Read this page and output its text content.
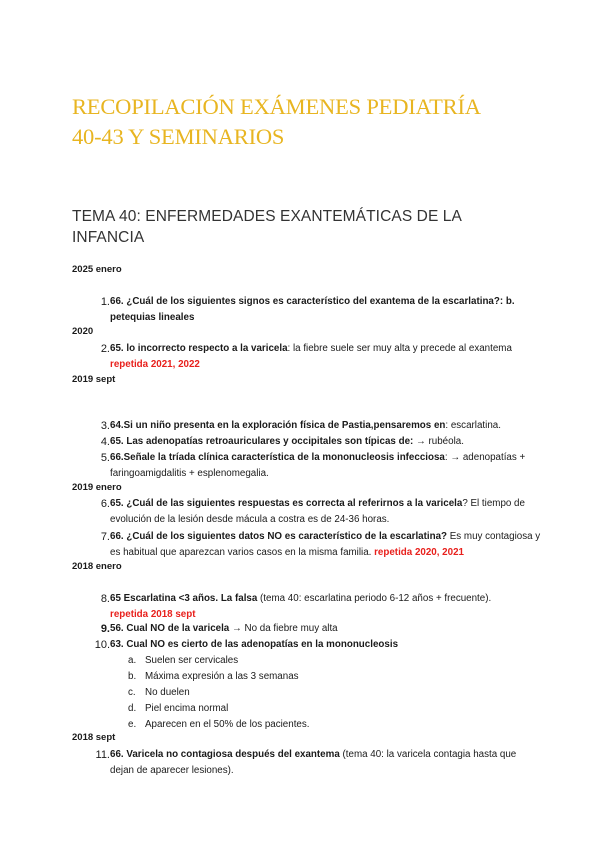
RECOPILACIÓN EXÁMENES PEDIATRÍA
40-43 Y SEMINARIOS
TEMA 40: ENFERMEDADES EXANTEMÁTICAS DE LA
INFANCIA
2025 enero
1. 66. ¿Cuál de los siguientes signos es característico del exantema de la escarlatina?: b.
petequias lineales
2020
2. 65. lo incorrecto respecto a la varicela: la fiebre suele ser muy alta y precede al exantema
repetida 2021, 2022
2019 sept
3. 64.Si un niño presenta en la exploración física de Pastia,pensaremos en: escarlatina.
4. 65. Las adenopatías retroauriculares y occipitales son típicas de: → rubéola.
5. 66.Señale la tríada clínica característica de la mononucleosis infecciosa: → adenopatías +
faringoamigdalitis + esplenomegalia.
2019 enero
6. 65. ¿Cuál de las siguientes respuestas es correcta al referirnos a la varicela? El tiempo de
evolución de la lesión desde mácula a costra es de 24-36 horas.
7. 66. ¿Cuál de los siguientes datos NO es característico de la escarlatina? Es muy contagiosa y
es habitual que aparezcan varios casos en la misma familia. repetida 2020, 2021
2018 enero
8. 65 Escarlatina <3 años. La falsa (tema 40: escarlatina periodo 6-12 años + frecuente).
repetida 2018 sept
9. 56. Cual NO de la varicela → No da fiebre muy alta
10. 63. Cual NO es cierto de las adenopatías en la mononucleosis
a. Suelen ser cervicales
b. Máxima expresión a las 3 semanas
c. No duelen
d. Piel encima normal
e. Aparecen en el 50% de los pacientes.
2018 sept
11. 66. Varicela no contagiosa después del exantema (tema 40: la varicela contagia hasta que
dejan de aparecer lesiones).
